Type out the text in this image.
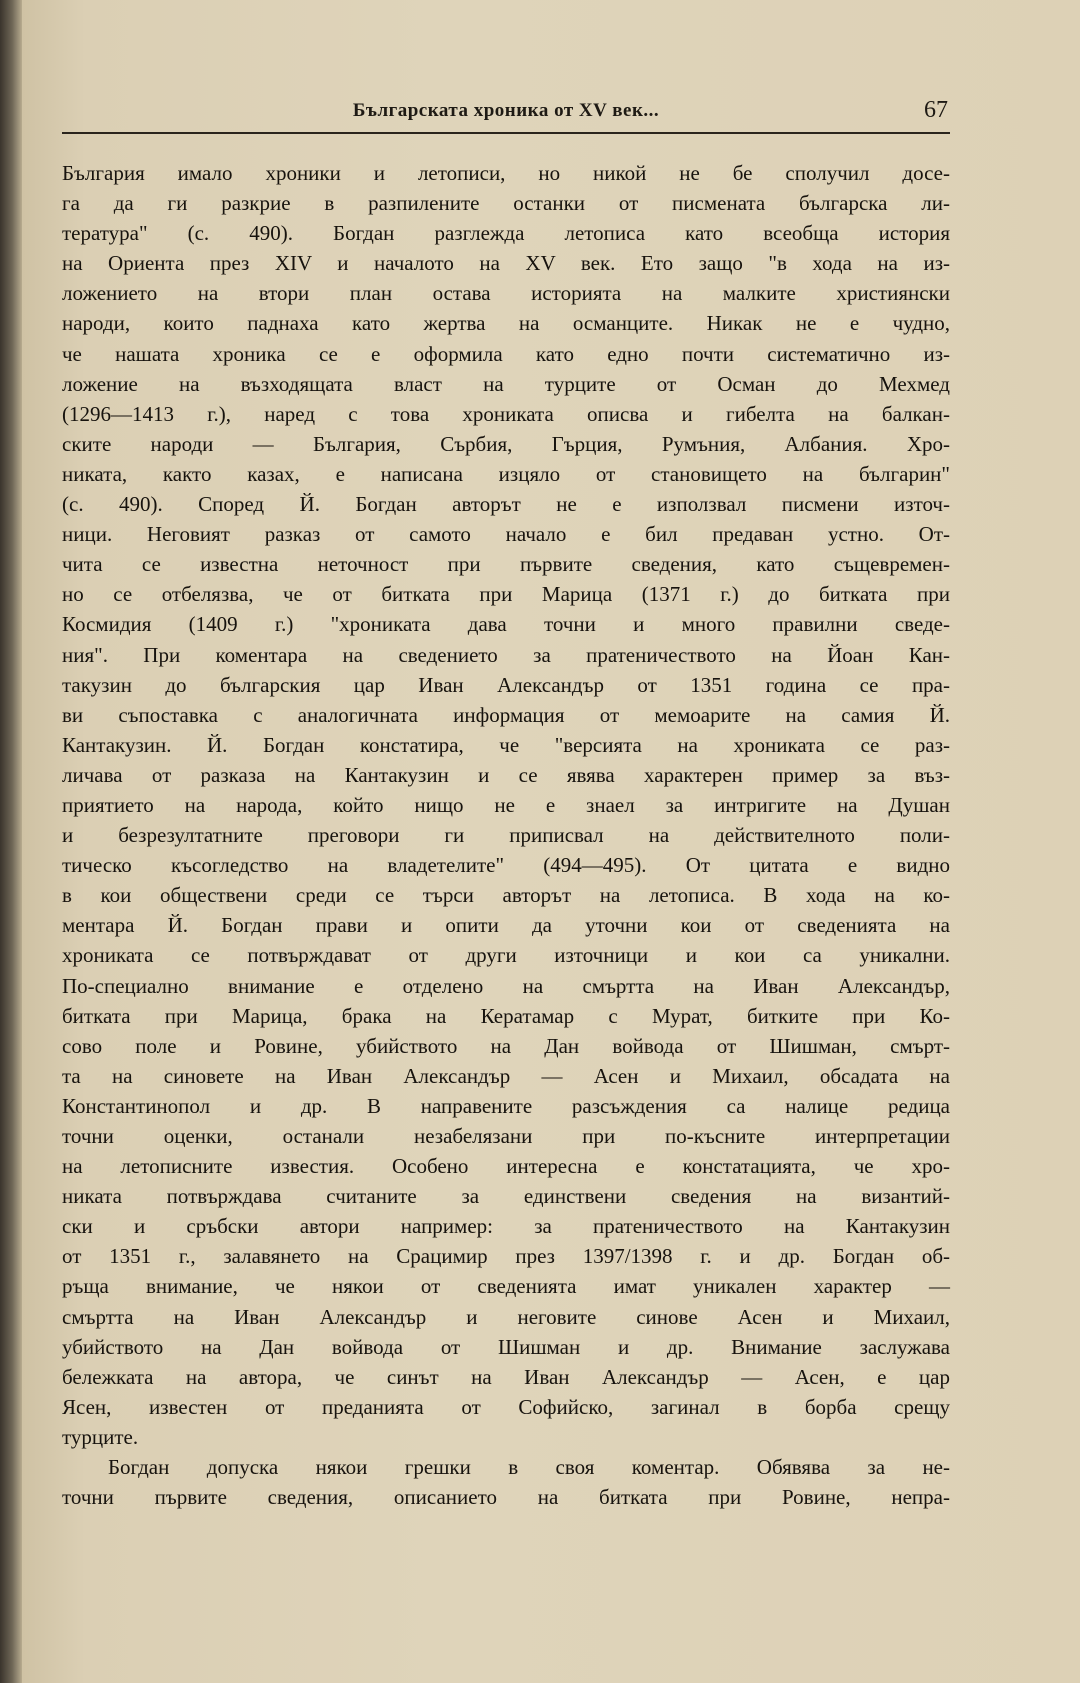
Българската хроника от XV век...	67
България имало хроники и летописи, но никой не бе сполучил досе-
га да ги разкрие в разпилените останки от писмената българска ли-
тература" (с. 490). Богдан разглежда летописа като всеобща история
на Ориента през XIV и началото на XV век. Ето защо "в хода на из-
ложението на втори план остава историята на малките християнски
народи, които паднаха като жертва на османците. Никак не е чудно,
че нашата хроника се е оформила като едно почти систематично из-
ложение на възходящата власт на турците от Осман до Мехмед
(1296—1413 г.), наред с това хрониката описва и гибелта на балкан-
ските народи — България, Сърбия, Гърция, Румъния, Албания. Хро-
никата, както казах, е написана изцяло от становището на българин"
(с. 490). Според Й. Богдан авторът не е използвал писмени източ-
ници. Неговият разказ от самото начало е бил предаван устно. От-
чита се известна неточност при първите сведения, като същевремен-
но се отбелязва, че от битката при Марица (1371 г.) до битката при
Космидия (1409 г.) "хрониката дава точни и много правилни сведе-
ния". При коментара на сведението за пратеничеството на Йоан Кан-
такузин до българския цар Иван Александър от 1351 година се пра-
ви съпоставка с аналогичната информация от мемоарите на самия Й.
Кантакузин. Й. Богдан констатира, че "версията на хрониката се раз-
личава от разказа на Кантакузин и се явява характерен пример за въз-
приятието на народа, който нищо не е знаел за интригите на Душан
и безрезултатните преговори ги приписвал на действителното поли-
тическо късогледство на владетелите" (494—495). От цитата е видно
в кои обществени среди се търси авторът на летописа. В хода на ко-
ментара Й. Богдан прави и опити да уточни кои от сведенията на
хрониката се потвърждават от други източници и кои са уникални.
По-специално внимание е отделено на смъртта на Иван Александър,
битката при Марица, брака на Кератамар с Мурат, битките при Ко-
сово поле и Ровине, убийството на Дан войвода от Шишман, смърт-
та на синовете на Иван Александър — Асен и Михаил, обсадата на
Константинопол и др. В направените разсъждения са налице редица
точни оценки, останали незабелязани при по-късните интерпретации
на летописните известия. Особено интересна е констатацията, че хро-
никата потвърждава считаните за единствени сведения на византий-
ски и сръбски автори например: за пратеничеството на Кантакузин
от 1351 г., залавянето на Срацимир през 1397/1398 г. и др. Богдан об-
ръща внимание, че някои от сведенията имат уникален характер —
смъртта на Иван Александър и неговите синове Асен и Михаил,
убийството на Дан войвода от Шишман и др. Внимание заслужава
бележката на автора, че синът на Иван Александър — Асен, е цар
Ясен, известен от преданията от Софийско, загинал в борба срещу
турците.
Богдан допуска някои грешки в своя коментар. Обявява за не-
точни първите сведения, описанието на битката при Ровине, непра-
